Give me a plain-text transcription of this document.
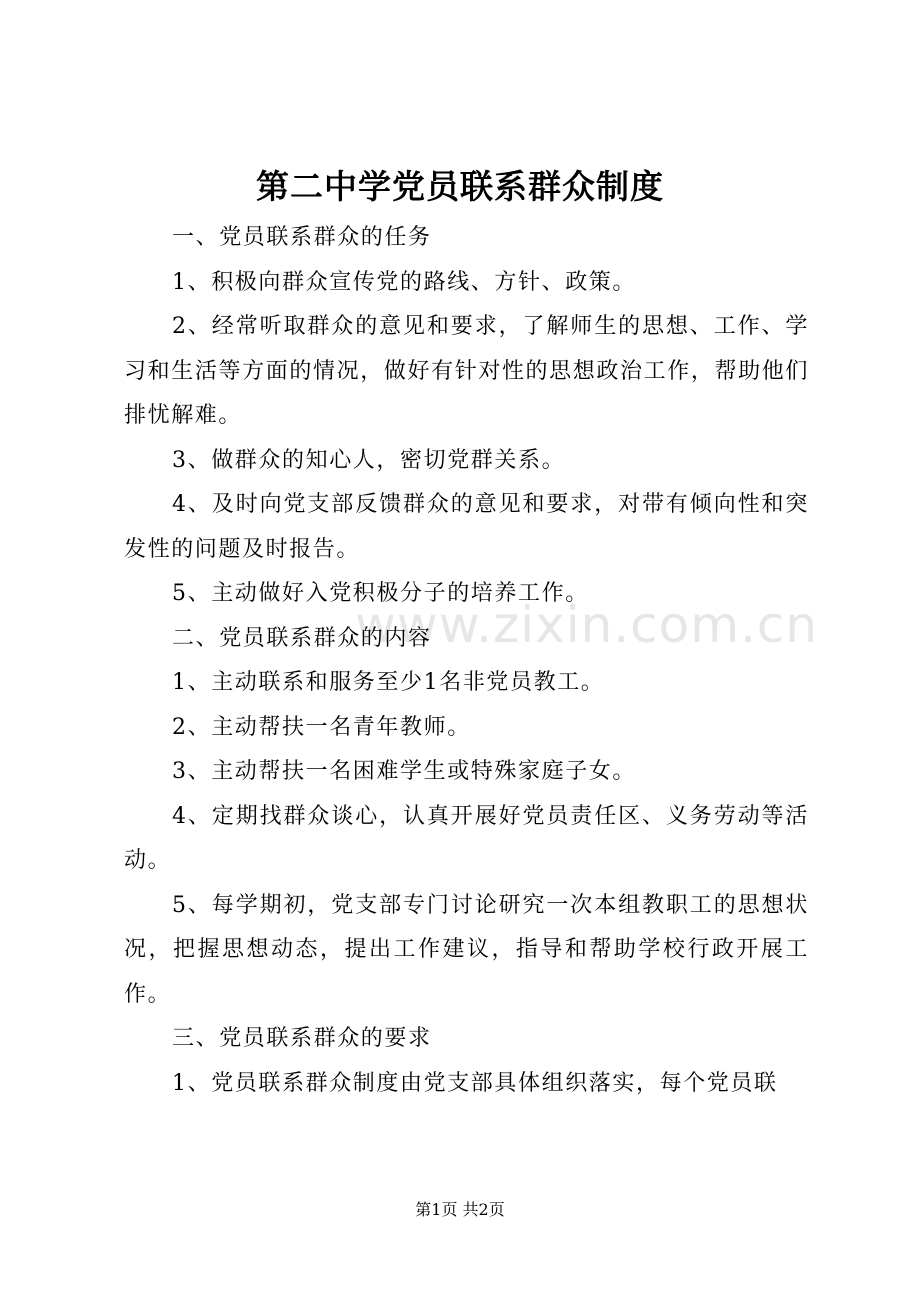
www.zixin.com.cn
第二中学党员联系群众制度

一、党员联系群众的任务

1、积极向群众宣传党的路线、方针、政策。

2、经常听取群众的意见和要求，了解师生的思想、工作、学习和生活等方面的情况，做好有针对性的思想政治工作，帮助他们排忧解难。

3、做群众的知心人，密切党群关系。

4、及时向党支部反馈群众的意见和要求，对带有倾向性和突发性的问题及时报告。

5、主动做好入党积极分子的培养工作。

二、党员联系群众的内容

1、主动联系和服务至少1名非党员教工。

2、主动帮扶一名青年教师。

3、主动帮扶一名困难学生或特殊家庭子女。

4、定期找群众谈心，认真开展好党员责任区、义务劳动等活动。

5、每学期初，党支部专门讨论研究一次本组教职工的思想状况，把握思想动态，提出工作建议，指导和帮助学校行政开展工作。

三、党员联系群众的要求

1、党员联系群众制度由党支部具体组织落实，每个党员联

第1页 共2页
